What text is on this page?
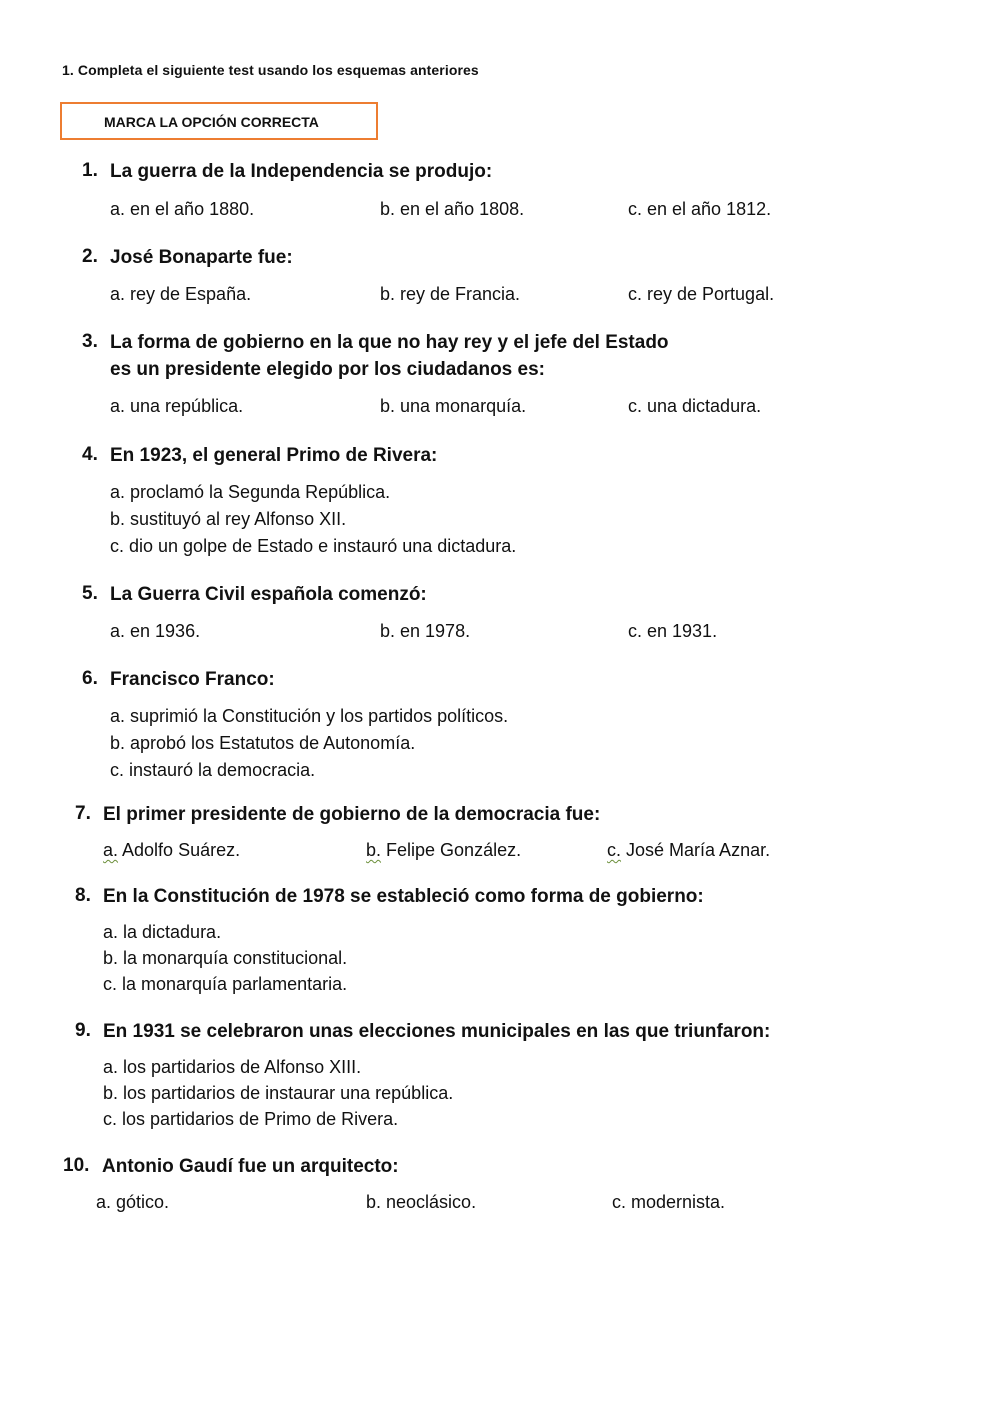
1. Completa el siguiente test usando los esquemas anteriores
MARCA LA OPCIÓN CORRECTA
1. La guerra de la Independencia se produjo:
a. en el año 1880.	b. en el año 1808.	c. en el año 1812.
2. José Bonaparte fue:
a. rey de España.	b. rey de Francia.	c. rey de Portugal.
3. La forma de gobierno en la que no hay rey y el jefe del Estado
es un presidente elegido por los ciudadanos es:
a. una república.	b. una monarquía.	c. una dictadura.
4. En 1923, el general Primo de Rivera:
a. proclamó la Segunda República.
b. sustituyó al rey Alfonso XII.
c. dio un golpe de Estado e instauró una dictadura.
5. La Guerra Civil española comenzó:
a. en 1936.	b. en 1978.	c. en 1931.
6. Francisco Franco:
a. suprimió la Constitución y los partidos políticos.
b. aprobó los Estatutos de Autonomía.
c. instauró la democracia.
7. El primer presidente de gobierno de la democracia fue:
a. Adolfo Suárez.	b. Felipe González.	c. José María Aznar.
8. En la Constitución de 1978 se estableció como forma de gobierno:
a. la dictadura.
b. la monarquía constitucional.
c. la monarquía parlamentaria.
9. En 1931 se celebraron unas elecciones municipales en las que triunfaron:
a. los partidarios de Alfonso XIII.
b. los partidarios de instaurar una república.
c. los partidarios de Primo de Rivera.
10. Antonio Gaudí fue un arquitecto:
a. gótico.	b. neoclásico.	c. modernista.
